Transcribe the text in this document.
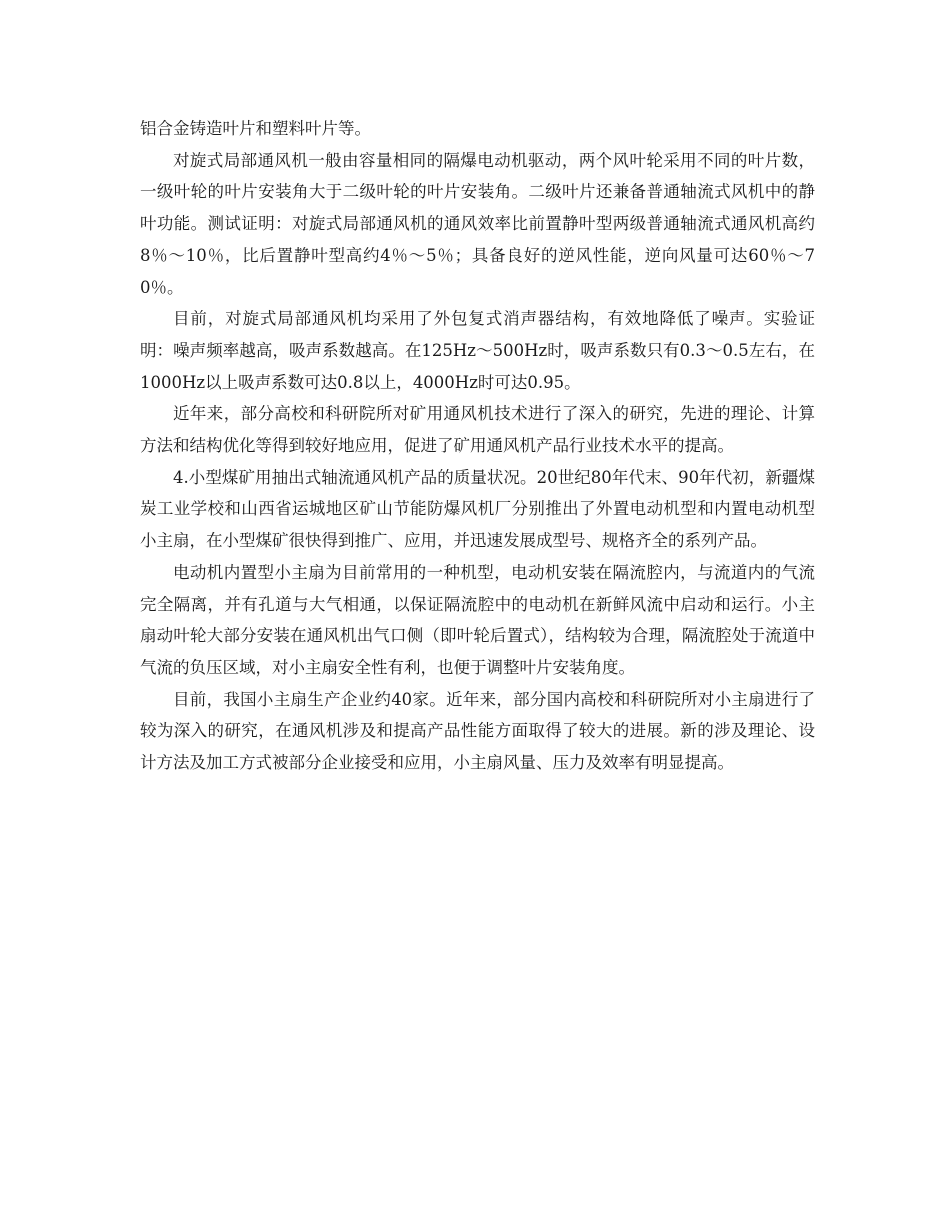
铝合金铸造叶片和塑料叶片等。

对旋式局部通风机一般由容量相同的隔爆电动机驱动，两个风叶轮采用不同的叶片数，一级叶轮的叶片安装角大于二级叶轮的叶片安装角。二级叶片还兼备普通轴流式风机中的静叶功能。测试证明：对旋式局部通风机的通风效率比前置静叶型两级普通轴流式通风机高约8％～10％，比后置静叶型高约4％～5％；具备良好的逆风性能，逆向风量可达60％～70％。

目前，对旋式局部通风机均采用了外包复式消声器结构，有效地降低了噪声。实验证明：噪声频率越高，吸声系数越高。在125Hz～500Hz时，吸声系数只有0.3～0.5左右，在1000Hz以上吸声系数可达0.8以上，4000Hz时可达0.95。

近年来，部分高校和科研院所对矿用通风机技术进行了深入的研究，先进的理论、计算方法和结构优化等得到较好地应用，促进了矿用通风机产品行业技术水平的提高。

4.小型煤矿用抽出式轴流通风机产品的质量状况。20世纪80年代末、90年代初，新疆煤炭工业学校和山西省运城地区矿山节能防爆风机厂分别推出了外置电动机型和内置电动机型小主扇，在小型煤矿很快得到推广、应用，并迅速发展成型号、规格齐全的系列产品。

电动机内置型小主扇为目前常用的一种机型，电动机安装在隔流腔内，与流道内的气流完全隔离，并有孔道与大气相通，以保证隔流腔中的电动机在新鲜风流中启动和运行。小主扇动叶轮大部分安装在通风机出气口侧（即叶轮后置式），结构较为合理，隔流腔处于流道中气流的负压区域，对小主扇安全性有利，也便于调整叶片安装角度。

目前，我国小主扇生产企业约40家。近年来，部分国内高校和科研院所对小主扇进行了较为深入的研究，在通风机涉及和提高产品性能方面取得了较大的进展。新的涉及理论、设计方法及加工方式被部分企业接受和应用，小主扇风量、压力及效率有明显提高。
